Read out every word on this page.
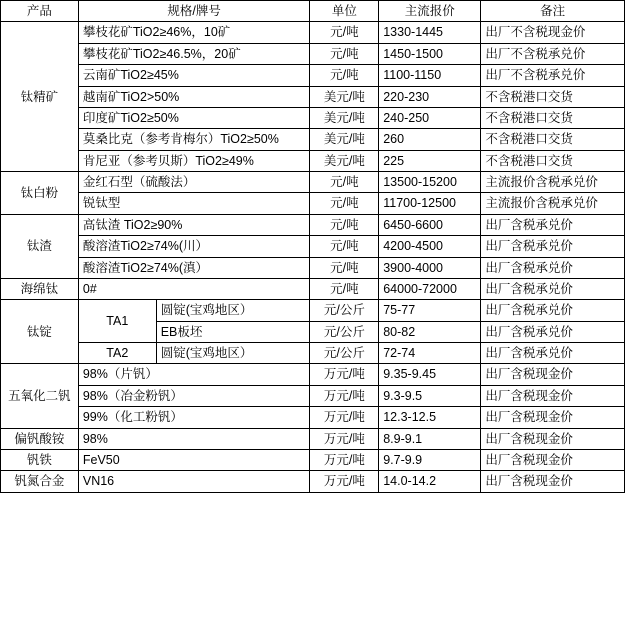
产品	规格/牌号		单位	主流报价	备注
钛精矿	攀枝花矿TiO2≥46%，10矿		元/吨	1330-1445	出厂不含税现金价
	攀枝花矿TiO2≥46.5%，20矿		元/吨	1450-1500	出厂不含税承兑价
	云南矿TiO2≥45%		元/吨	1100-1150	出厂不含税承兑价
	越南矿TiO2>50%		美元/吨	220-230	不含税港口交货
	印度矿TiO2≥50%		美元/吨	240-250	不含税港口交货
	莫桑比克（参考肯梅尔）TiO2≥50%		美元/吨	260	不含税港口交货
	肯尼亚（参考贝斯）TiO2≥49%		美元/吨	225	不含税港口交货
钛白粉	金红石型（硫酸法）		元/吨	13500-15200	主流报价含税承兑价
	锐钛型		元/吨	11700-12500	主流报价含税承兑价
钛渣	高钛渣 TiO2≥90%		元/吨	6450-6600	出厂含税承兑价
	酸溶渣TiO2≥74%(川）		元/吨	4200-4500	出厂含税承兑价
	酸溶渣TiO2≥74%(滇）		元/吨	3900-4000	出厂含税承兑价
海绵钛	0#		元/吨	64000-72000	出厂含税承兑价
钛锭	TA1	圆锭(宝鸡地区）	元/公斤	75-77	出厂含税承兑价
		EB板坯	元/公斤	80-82	出厂含税承兑价
	TA2	圆锭(宝鸡地区）	元/公斤	72-74	出厂含税承兑价
五氧化二钒	98%（片钒）		万元/吨	9.35-9.45	出厂含税现金价
	98%（冶金粉钒）		万元/吨	9.3-9.5	出厂含税现金价
	99%（化工粉钒）		万元/吨	12.3-12.5	出厂含税现金价
偏钒酸铵	98%		万元/吨	8.9-9.1	出厂含税现金价
钒铁	FeV50		万元/吨	9.7-9.9	出厂含税现金价
钒氮合金	VN16		万元/吨	14.0-14.2	出厂含税现金价
